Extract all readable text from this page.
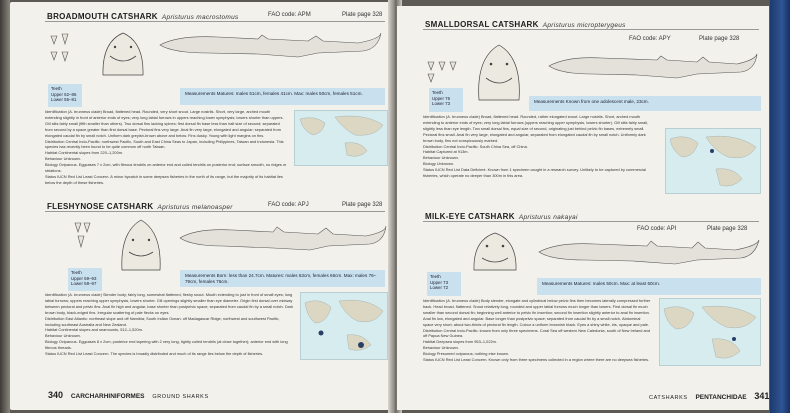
BROADMOUTH CATSHARK Apristurus macrostomus	FAO code: APM	Plate page 328
Teeth
Upper 62–86
Lower 55–81
Measurements Matures: males 51cm, females 41cm. Max: males 50cm, females 51cm.
Identification (A. brunneus clade) Broad, flattened head. Rounded, very short snout. Large nostrils. Short, very large, arched mouth extending slightly in front of anterior ends of eyes; very long labial furrows in uppers reaching lower symphysis; lowers shorter than uppers. Gill slits fairly small (fifth smaller than others). Two dorsal fins lacking spines; first dorsal fin base less than half size of second; separated from second by a space greater than first dorsal base. Pectoral fins very large. Anal fin very large, elongated and angular; separated from elongated caudal fin by small notch. Uniform dark greyish-brown above and below. Fins dusky. Young with light margins on fins.
Distribution Central Indo-Pacific: northwest Pacific, South and East China Seas to Japan, including Philippines, Taiwan and Indonesia. This species has recently been found to be quite common off north Taiwan.
Habitat Continental slopes from 220–1,200m.
Behaviour Unknown.
Biology Oviparous. Eggcases 7 x 2cm, with fibrous tendrils on anterior end and coiled tendrils on posterior end; surface smooth, no ridges or striations.
Status IUCN Red List Least Concern. A minor bycatch in some deepsea fisheries in the north of its range, but the majority of its habitat lies below the depth of these fisheries.
FLESHYNOSE CATSHARK Apristurus melanoasper	FAO code: APJ	Plate page 328
Teeth
Upper 59–93
Lower 58–97
Measurements Born: less than 24.7cm. Matures: males 63cm, females 66cm. Max: males 76–79cm, females 76cm.
Identification (A. brunneus clade) Slender body; fairly long, somewhat flattened, fleshy snout. Mouth extending to just in front of small eyes; long labial furrows; uppers reaching upper symphysis, lowers shorter. Gill openings slightly smaller than eye diameter. Origin first dorsal over midway between pectoral and pelvic fins. Anal fin high and angular, base shorter than postpelvic space; separated from caudal fin by a small notch. Dark brown body, black-edged fins. Irregular scattering of pale flecks on eyes.
Distribution East Atlantic: northeast slope and off Namibia; South Indian Ocean: off Madagascar Ridge; northwest and southwest Pacific, including southeast Australia and New Zealand.
Habitat Continental slopes and seamounts, 512–1,520m.
Behaviour Unknown.
Biology Oviparous. Eggcases 8 x 2cm; posterior end tapering with 2 very long, tightly coiled tendrils (at close together); anterior end with long fibrous threads.
Status IUCN Red List Least Concern. The species is broadly distributed and much of its range lies below the depth of fisheries.
340 CARCHARHINIFORMES GROUND SHARKS
SMALLDORSAL CATSHARK Apristurus micropterygeus
FAO code: APY	Plate page 328
Teeth
Upper 76
Lower 73	Measurements Known from one adolescent male, 23cm.
Identification (A. brunneus clade) Broad, flattened head. Rounded, rather elongated snout. Large nostrils. Short, arched mouth extending to anterior ends of eyes; very long labial furrows (uppers reaching upper symphysis, lowers shorter). Gill slits fairly small, slightly less than eye length. Two small dorsal fins, equal size of second, originating just behind pelvic fin bases, extremely small. Pectoral fins small. Anal fin very large, elongated and angular, separated from elongated caudal fin by small notch. Uniformly dark brown body, fins not conspicuously marked.
Distribution Central Indo-Pacific: South China Sea, off China.
Habitat Captured at 913m.
Behaviour Unknown.
Biology Unknown.
Status IUCN Red List Data Deficient. Known from 1 specimen caught in a research survey. Unlikely to be captured by commercial fisheries, which operate no deeper than 300m in this area.
MILK-EYE CATSHARK Apristurus nakayai
FAO code: API	Plate page 328
Teeth
Upper 73
Lower 72
Measurements Matures: males 50cm. Max: at least 60cm.
Identification (A. brunneus clade) Body slender, elongate and cylindrical below pelvic fins then becomes laterally compressed further back. Head broad, flattened. Snout relatively long, rounded and upper labial furrows much longer than lowers. First dorsal fin much smaller than second dorsal fin; beginning well anterior to pelvic fin insertion; second fin insertion slightly anterior to anal fin insertion. Anal fin low, elongated and angular. Base longer than postpelvic space; separated from caudal fin by a small notch. Abdominal space very short; about two-thirds of pectoral fin length. Colour a uniform brownish black. Eyes a shiny white, iris, opaque and pale.
Distribution Central Indo-Pacific: known from only three specimens. Coral Sea off western New Caledonia, south of New Ireland and off Papua New Guinea.
Habitat Deepsea slopes from 953–1,022m.
Behaviour Unknown.
Biology Presumed oviparous; nothing else known.
Status IUCN Red List Least Concern. Known only from three specimens collected in a region where there are no deepsea fisheries.
CATSHARKS PENTANCHIDAE 341
